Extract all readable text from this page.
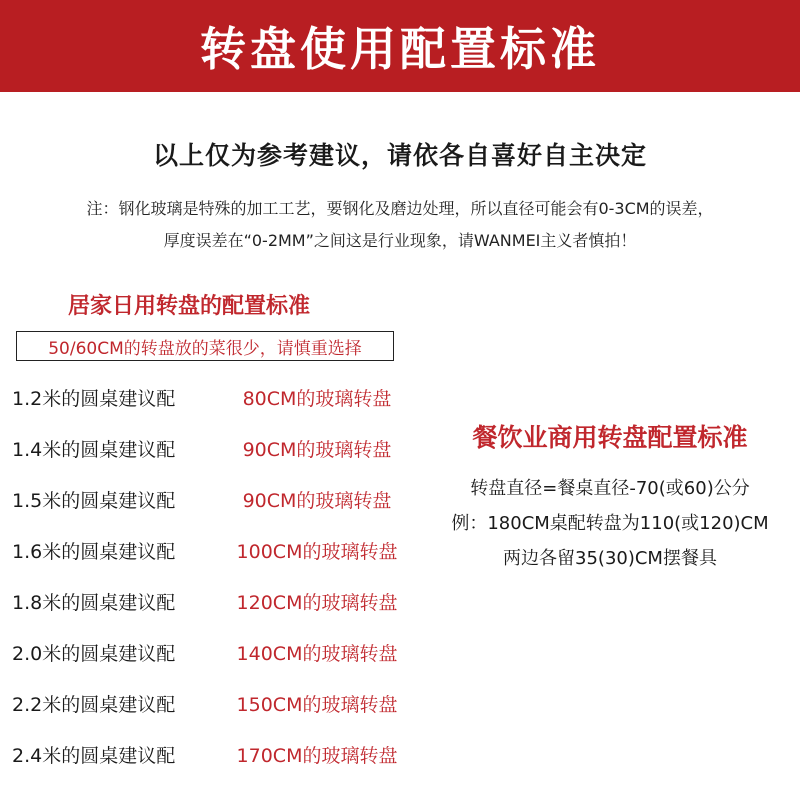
转盘使用配置标准
以上仅为参考建议，请依各自喜好自主决定
注：钢化玻璃是特殊的加工工艺，要钢化及磨边处理，所以直径可能会有0-3CM的误差，
厚度误差在“0-2MM”之间这是行业现象，请WANMEI主义者慎拍！
居家日用转盘的配置标准
50/60CM的转盘放的菜很少，请慎重选择
1.2米的圆桌建议配	80CM的玻璃转盘
1.4米的圆桌建议配	90CM的玻璃转盘
1.5米的圆桌建议配	90CM的玻璃转盘
1.6米的圆桌建议配	100CM的玻璃转盘
1.8米的圆桌建议配	120CM的玻璃转盘
2.0米的圆桌建议配	140CM的玻璃转盘
2.2米的圆桌建议配	150CM的玻璃转盘
2.4米的圆桌建议配	170CM的玻璃转盘
餐饮业商用转盘配置标准
转盘直径=餐桌直径-70(或60)公分
例：180CM桌配转盘为110(或120)CM
两边各留35(30)CM摆餐具
